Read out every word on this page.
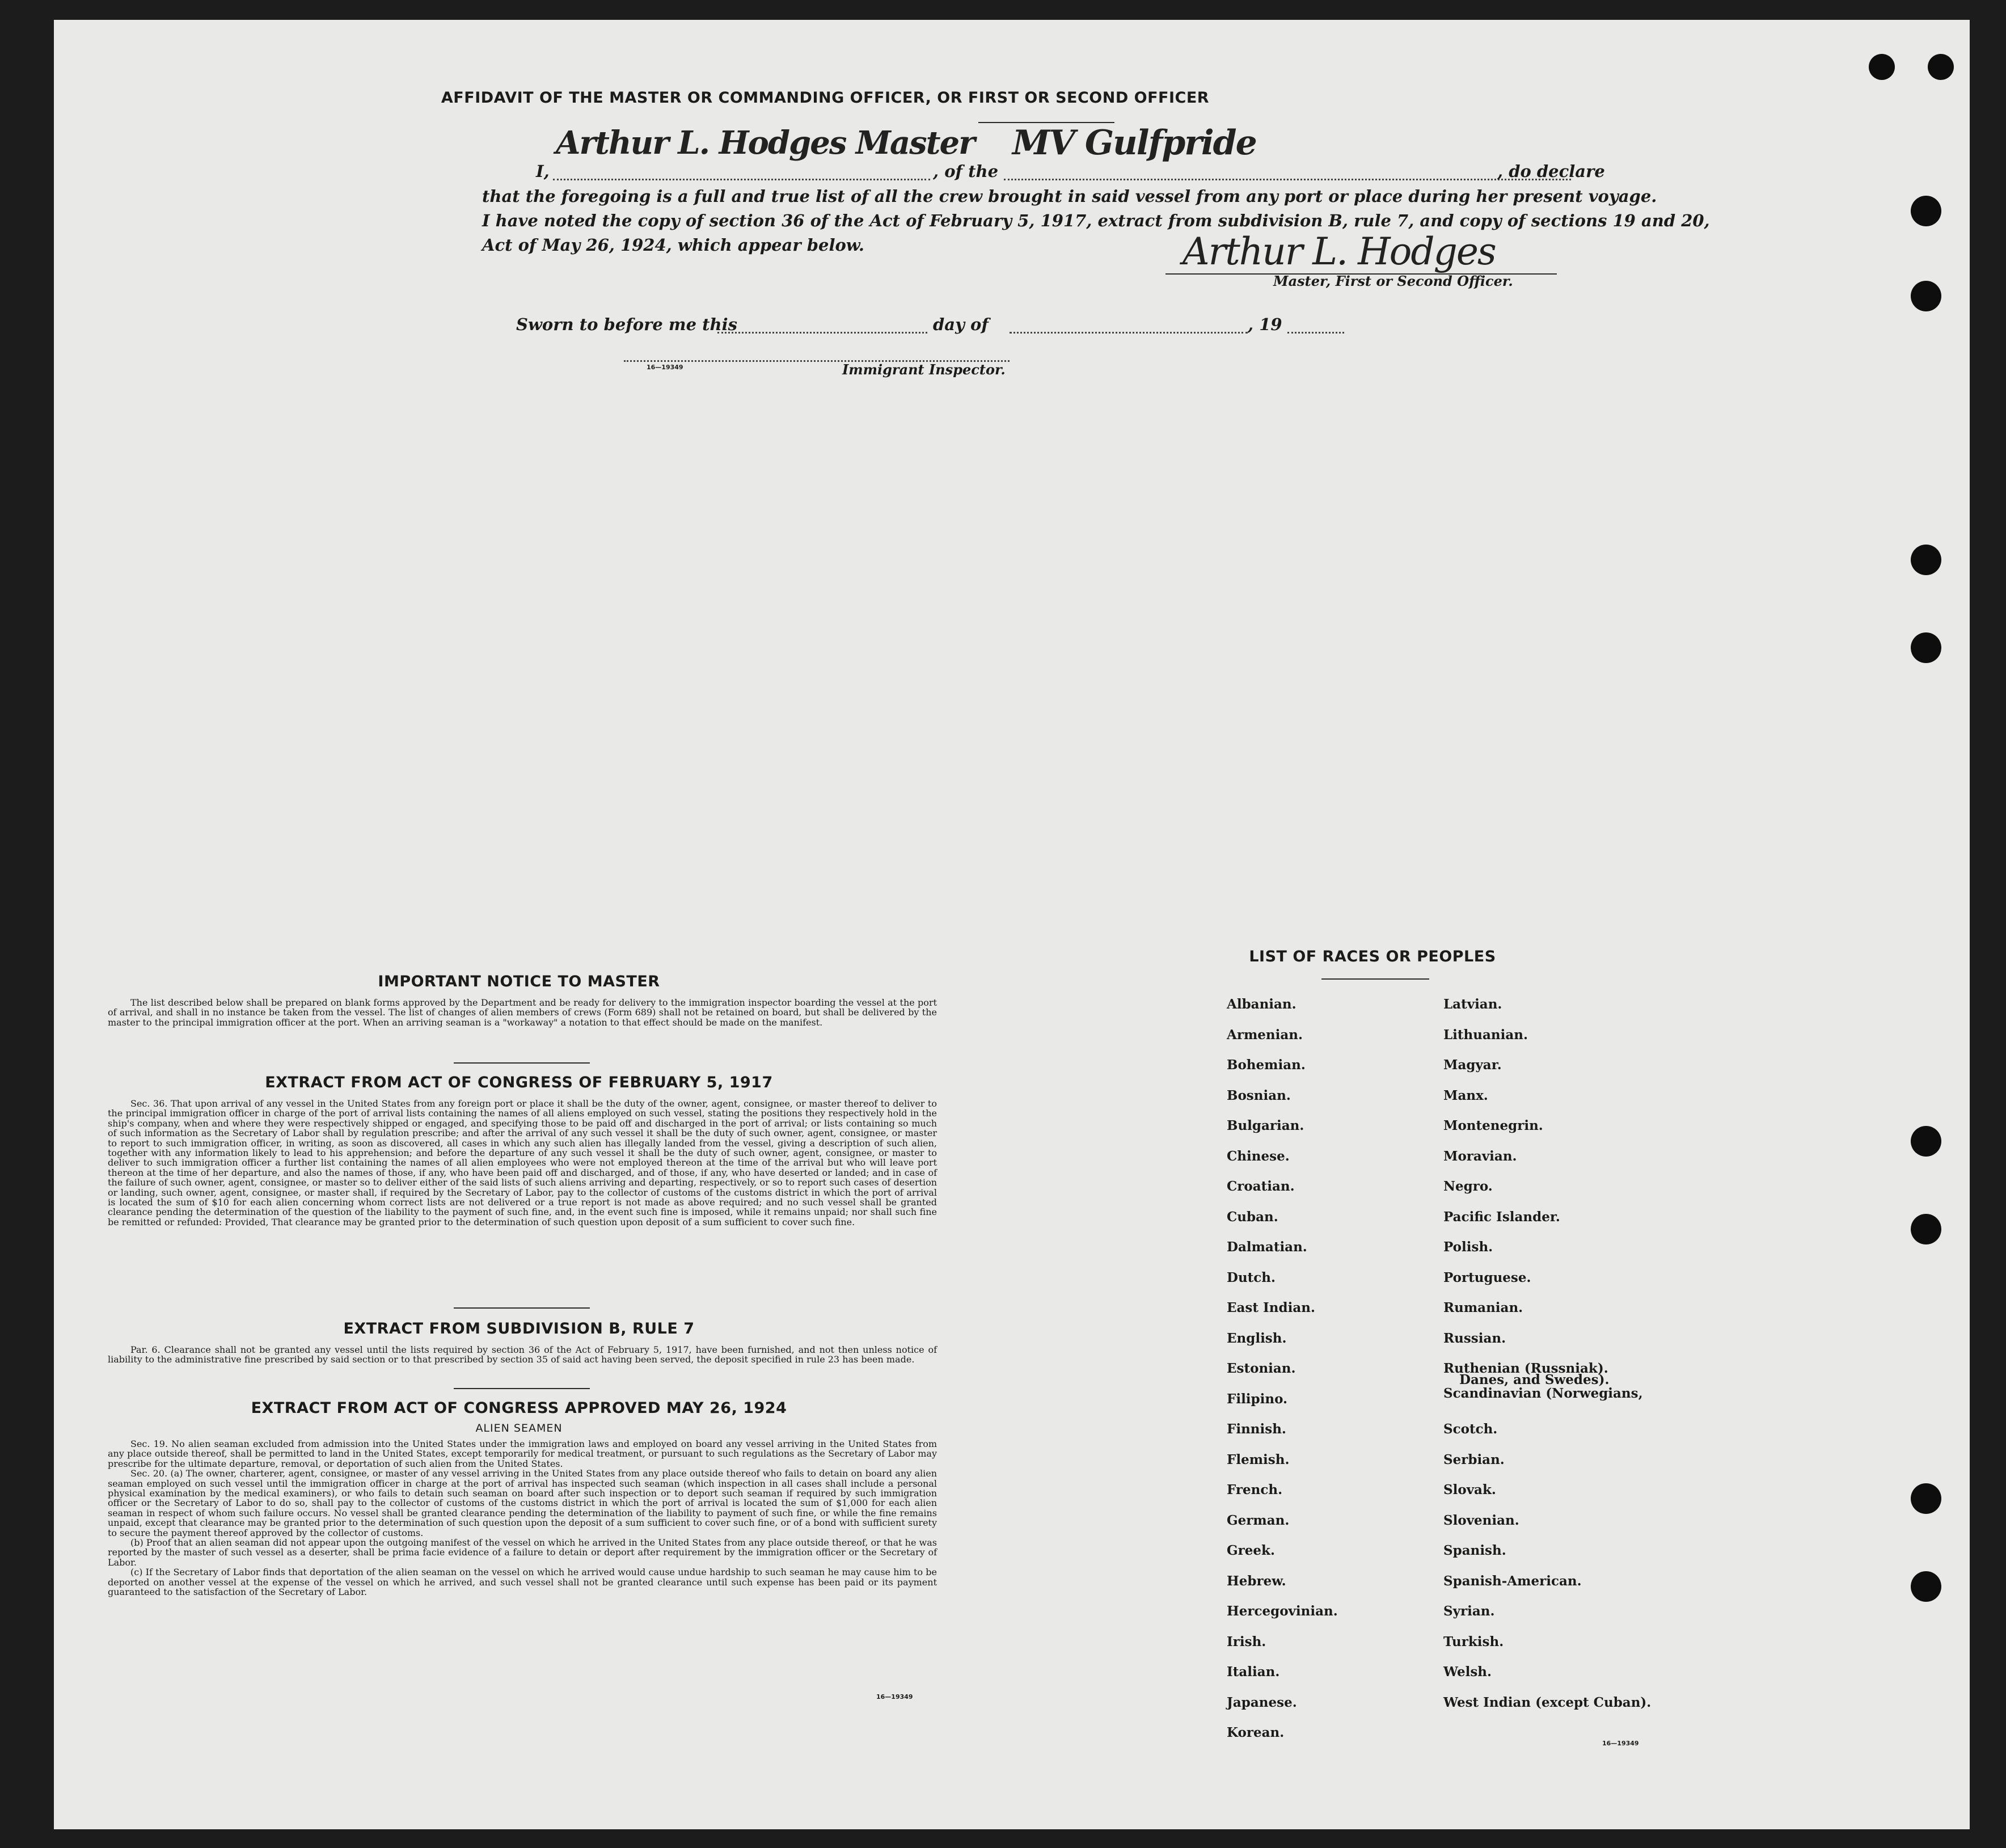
AFFIDAVIT OF THE MASTER OR COMMANDING OFFICER, OR FIRST OR SECOND OFFICER
I,
Arthur L. Hodges Master
, of the
MV Gulfpride
, do declare
that the foregoing is a full and true list of all the crew brought in said vessel from any port or place during her present voyage.
I have noted the copy of section 36 of the Act of February 5, 1917, extract from subdivision B, rule 7, and copy of sections 19 and 20,
Act of May 26, 1924, which appear below.	Arthur L. Hodges
Master, First or Second Officer.
Sworn to before me this	day of	, 19
16—19349	Immigrant Inspector.
IMPORTANT NOTICE TO MASTER
The list described below shall be prepared on blank forms approved by the Department and be ready for delivery to the immigration inspector boarding the vessel at the port of arrival, and shall in no instance be taken from the vessel. The list of changes of alien members of crews (Form 689) shall not be retained on board, but shall be delivered by the master to the principal immigration officer at the port. When an arriving seaman is a "workaway" a notation to that effect should be made on the manifest.
EXTRACT FROM ACT OF CONGRESS OF FEBRUARY 5, 1917
Sec. 36. That upon arrival of any vessel in the United States from any foreign port or place it shall be the duty of the owner, agent, consignee, or master thereof to deliver to the principal immigration officer in charge of the port of arrival lists containing the names of all aliens employed on such vessel, stating the positions they respectively hold in the ship's company, when and where they were respectively shipped or engaged, and specifying those to be paid off and discharged in the port of arrival; or lists containing so much of such information as the Secretary of Labor shall by regulation prescribe; and after the arrival of any such vessel it shall be the duty of such owner, agent, consignee, or master to report to such immigration officer, in writing, as soon as discovered, all cases in which any such alien has illegally landed from the vessel, giving a description of such alien, together with any information likely to lead to his apprehension; and before the departure of any such vessel it shall be the duty of such owner, agent, consignee, or master to deliver to such immigration officer a further list containing the names of all alien employees who were not employed thereon at the time of the arrival but who will leave port thereon at the time of her departure, and also the names of those, if any, who have been paid off and discharged, and of those, if any, who have deserted or landed; and in case of the failure of such owner, agent, consignee, or master so to deliver either of the said lists of such aliens arriving and departing, respectively, or so to report such cases of desertion or landing, such owner, agent, consignee, or master shall, if required by the Secretary of Labor, pay to the collector of customs of the customs district in which the port of arrival is located the sum of $10 for each alien concerning whom correct lists are not delivered or a true report is not made as above required; and no such vessel shall be granted clearance pending the determination of the question of the liability to the payment of such fine, and, in the event such fine is imposed, while it remains unpaid; nor shall such fine be remitted or refunded: Provided, That clearance may be granted prior to the determination of such question upon deposit of a sum sufficient to cover such fine.
EXTRACT FROM SUBDIVISION B, RULE 7
Par. 6. Clearance shall not be granted any vessel until the lists required by section 36 of the Act of February 5, 1917, have been furnished, and not then unless notice of liability to the administrative fine prescribed by said section or to that prescribed by section 35 of said act having been served, the deposit specified in rule 23 has been made.
EXTRACT FROM ACT OF CONGRESS APPROVED MAY 26, 1924
ALIEN SEAMEN
Sec. 19. No alien seaman excluded from admission into the United States under the immigration laws and employed on board any vessel arriving in the United States from any place outside thereof, shall be permitted to land in the United States, except temporarily for medical treatment, or pursuant to such regulations as the Secretary of Labor may prescribe for the ultimate departure, removal, or deportation of such alien from the United States.
Sec. 20. (a) The owner, charterer, agent, consignee, or master of any vessel arriving in the United States from any place outside thereof who fails to detain on board any alien seaman employed on such vessel until the immigration officer in charge at the port of arrival has inspected such seaman (which inspection in all cases shall include a personal physical examination by the medical examiners), or who fails to detain such seaman on board after such inspection or to deport such seaman if required by such immigration officer or the Secretary of Labor to do so, shall pay to the collector of customs of the customs district in which the port of arrival is located the sum of $1,000 for each alien seaman in respect of whom such failure occurs. No vessel shall be granted clearance pending the determination of the liability to payment of such fine, or while the fine remains unpaid, except that clearance may be granted prior to the determination of such question upon the deposit of a sum sufficient to cover such fine, or of a bond with sufficient surety to secure the payment thereof approved by the collector of customs.
(b) Proof that an alien seaman did not appear upon the outgoing manifest of the vessel on which he arrived in the United States from any place outside thereof, or that he was reported by the master of such vessel as a deserter, shall be prima facie evidence of a failure to detain or deport after requirement by the immigration officer or the Secretary of Labor.
(c) If the Secretary of Labor finds that deportation of the alien seaman on the vessel on which he arrived would cause undue hardship to such seaman he may cause him to be deported on another vessel at the expense of the vessel on which he arrived, and such vessel shall not be granted clearance until such expense has been paid or its payment guaranteed to the satisfaction of the Secretary of Labor.
16—19349
LIST OF RACES OR PEOPLES
16—19349
Albanian.
Armenian.
Bohemian.
Bosnian.
Bulgarian.
Chinese.
Croatian.
Cuban.
Dalmatian.
Dutch.
East Indian.
English.
Estonian.
Filipino.
Finnish.
Flemish.
French.
German.
Greek.
Hebrew.
Hercegovinian.
Irish.
Italian.
Japanese.
Korean.
Latvian.
Lithuanian.
Magyar.
Manx.
Montenegrin.
Moravian.
Negro.
Pacific Islander.
Polish.
Portuguese.
Rumanian.
Russian.
Ruthenian (Russniak).
Scandinavian (Norwegians,
Danes, and Swedes).
Scotch.
Serbian.
Slovak.
Slovenian.
Spanish.
Spanish-American.
Syrian.
Turkish.
Welsh.
West Indian (except Cuban).
